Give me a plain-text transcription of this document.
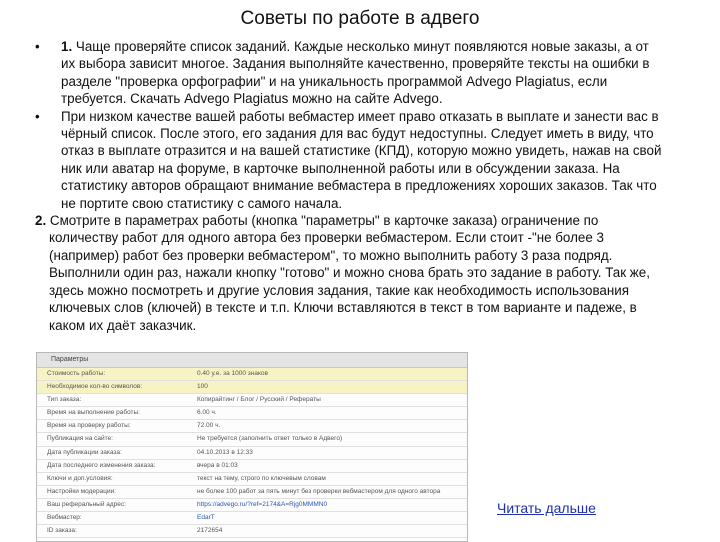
Советы по работе в адвего

• 1. Чаще проверяйте список заданий. Каждые несколько минут появляются новые заказы, а от их выбора зависит многое. Задания выполняйте качественно, проверяйте тексты на ошибки в разделе "проверка орфографии" и на уникальность программой Advego Plagiatus, если требуется. Скачать Advego Plagiatus можно на сайте Advego.

• При низком качестве вашей работы вебмастер имеет право отказать в выплате и занести вас в чёрный список. После этого, его задания для вас будут недоступны. Следует иметь в виду, что отказ в выплате отразится и на вашей статистике (КПД), которую можно увидеть, нажав на свой ник или аватар на форуме, в карточке выполненной работы или в обсуждении заказа. На статистику авторов обращают внимание вебмастера в предложениях хороших заказов. Так что не портите свою статистику с самого начала.

2. Смотрите в параметрах работы (кнопка "параметры" в карточке заказа) ограничение по количеству работ для одного автора без проверки вебмастером. Если стоит -"не более 3 (например) работ без проверки вебмастером", то можно выполнить работу 3 раза подряд. Выполнили один раз, нажали кнопку "готово" и можно снова брать это задание в работу. Так же, здесь можно посмотреть и другие условия задания, такие как необходимость использования ключевых слов (ключей) в тексте и т.п. Ключи вставляются в текст в том варианте и падеже, в каком их даёт заказчик.

Параметры
Стоимость работы:	0.40 у.е. за 1000 знаков
Необходимое кол-во символов:	100
Тип заказа:	Копирайтинг / Блог / Русский / Рефераты
Время на выполнение работы:	6.00 ч.
Время на проверку работы:	72.00 ч.
Публикация на сайте:	Не требуется (заполнить ответ только в Адвего)
Дата публикации заказа:	04.10.2013 в 12:33
Дата последнего изменения заказа:	вчера в 01:03
Ключи и доп.условия:	текст на тему, строго по ключевым словам
Настройки модерации:	не более 100 работ за пять минут без проверки вебмастером для одного автора
Ваш реферальный адрес:	https://advego.ru/?ref=2174&A=Rjg0MMMN0
Вебмастер:	EdarT
ID заказа:	2172654
Читать дальше
